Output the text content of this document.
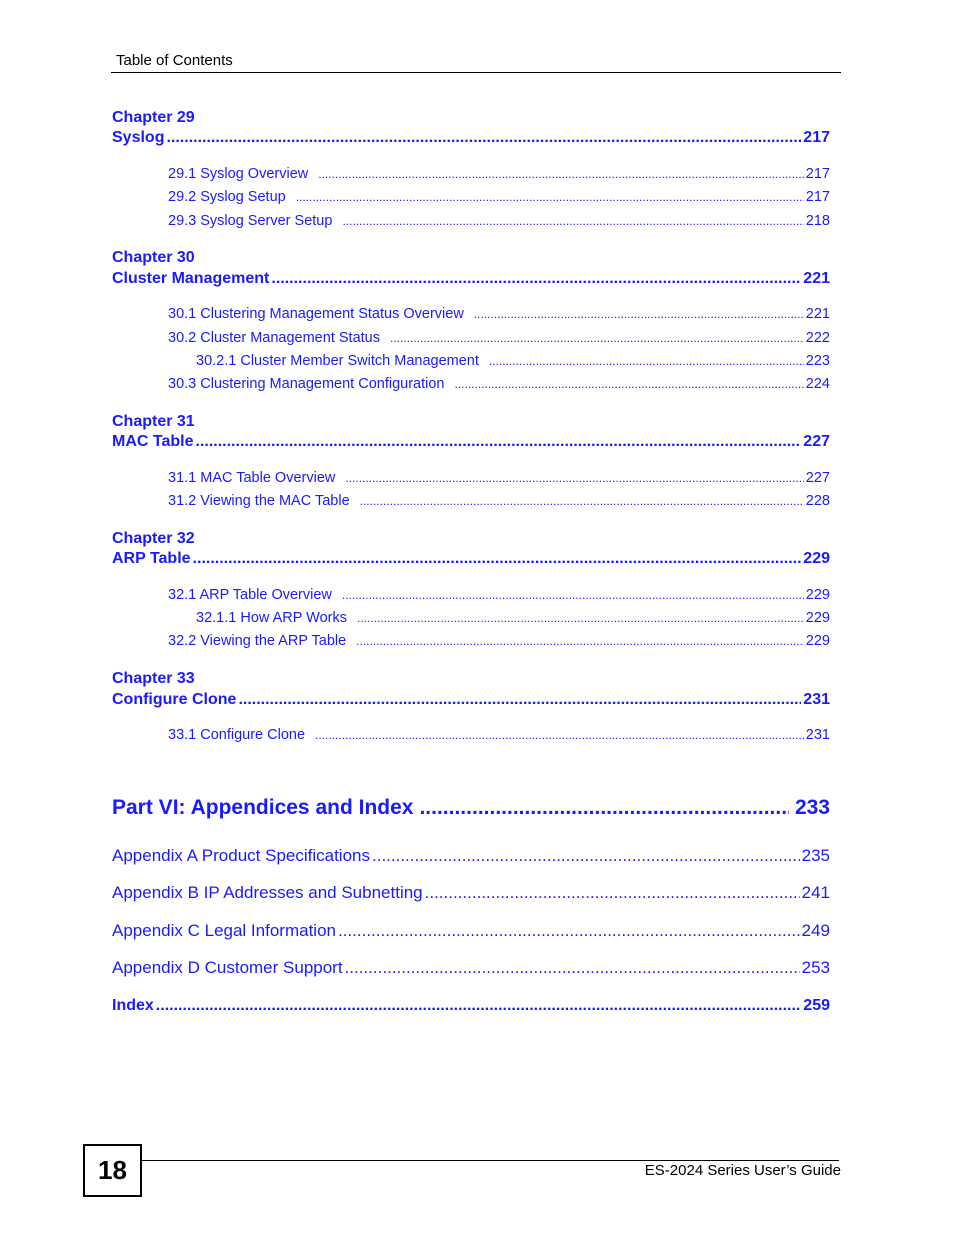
Table of Contents
Chapter 29
Syslog .....	217
29.1 Syslog Overview .....	217
29.2 Syslog Setup .....	217
29.3 Syslog Server Setup .....	218
Chapter 30
Cluster Management .....	221
30.1 Clustering Management Status Overview .....	221
30.2 Cluster Management Status .....	222
30.2.1 Cluster Member Switch Management .....	223
30.3 Clustering Management Configuration .....	224
Chapter 31
MAC Table .....	227
31.1 MAC Table Overview .....	227
31.2 Viewing the MAC Table .....	228
Chapter 32
ARP Table .....	229
32.1 ARP Table Overview .....	229
32.1.1 How ARP Works .....	229
32.2 Viewing the ARP Table .....	229
Chapter 33
Configure Clone .....	231
33.1 Configure Clone .....	231
Part VI: Appendices and Index .....	233
Appendix A Product Specifications .....	235
Appendix B IP Addresses and Subnetting .....	241
Appendix C Legal Information .....	249
Appendix D Customer Support .....	253
Index .....	259
18	ES-2024 Series User’s Guide
